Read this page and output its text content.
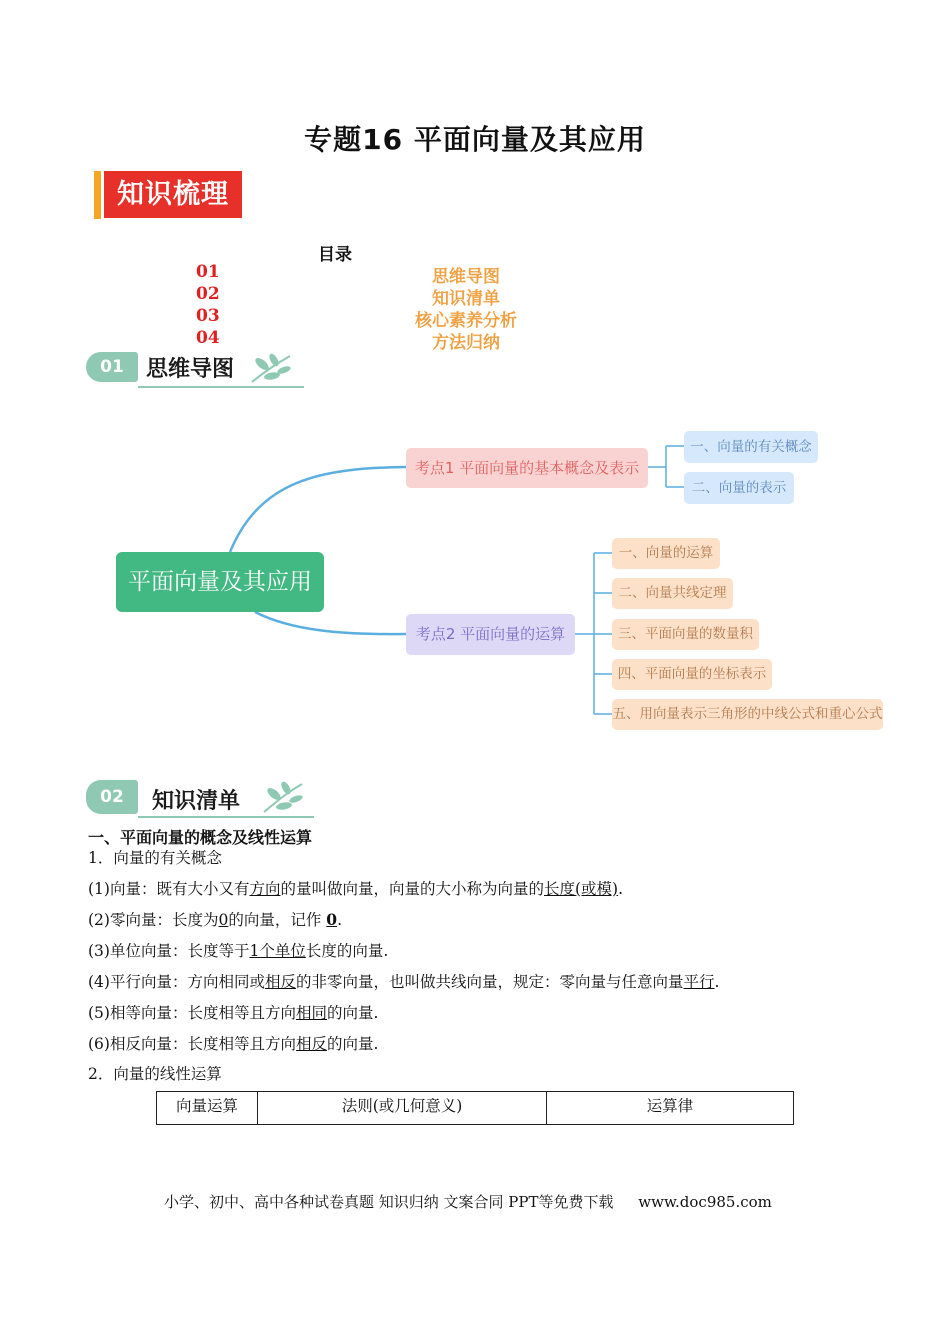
专题16 平面向量及其应用
知识梳理
目录
01	思维导图
02	知识清单
03	核心素养分析
04	方法归纳
01	思维导图
平面向量及其应用
考点1 平面向量的基本概念及表示
一、向量的有关概念
二、向量的表示
考点2 平面向量的运算
一、向量的运算
二、向量共线定理
三、平面向量的数量积
四、平面向量的坐标表示
五、用向量表示三角形的中线公式和重心公式
02	知识清单
一、平面向量的概念及线性运算
1．向量的有关概念
(1)向量：既有大小又有方向的量叫做向量，向量的大小称为向量的长度(或模).
(2)零向量：长度为0的向量，记作 0.
(3)单位向量：长度等于1个单位长度的向量.
(4)平行向量：方向相同或相反的非零向量，也叫做共线向量，规定：零向量与任意向量平行.
(5)相等向量：长度相等且方向相同的向量.
(6)相反向量：长度相等且方向相反的向量.
2．向量的线性运算
向量运算	法则(或几何意义)	运算律
小学、初中、高中各种试卷真题 知识归纳 文案合同 PPT等免费下载 www.doc985.com
